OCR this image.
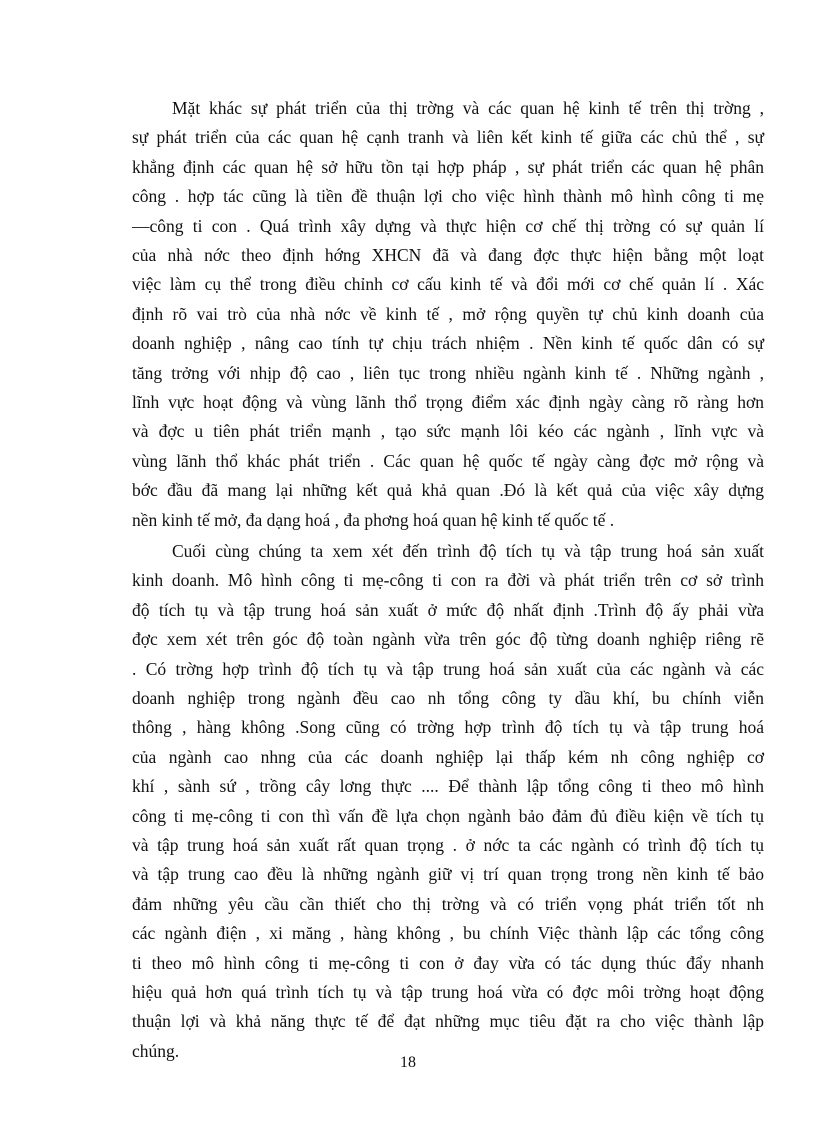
Mặt khác sự phát triển của thị trờng và các quan hệ kinh tế trên thị trờng ,
sự phát triển của các quan hệ cạnh tranh và liên kết kinh tế giữa các chủ thể , sự
khẳng định các quan hệ sở hữu tồn tại hợp pháp , sự phát triển các quan hệ phân
công . hợp tác cũng là tiền đề thuận lợi cho việc hình thành mô hình công ti mẹ
—công ti con . Quá trình xây dựng và thực hiện cơ chế thị trờng có sự quản lí
của nhà nớc theo định hớng XHCN đã và đang đợc thực hiện bằng một loạt
việc làm cụ thể trong điều chỉnh cơ cấu kinh tế và đổi mới cơ chế quản lí . Xác
định rõ vai trò của nhà nớc về kinh tế , mở rộng quyền tự chủ kinh doanh của
doanh nghiệp , nâng cao tính tự chịu trách nhiệm . Nền kinh tế quốc dân có sự
tăng trởng với nhịp độ cao , liên tục trong nhiều ngành kinh tế . Những ngành ,
lĩnh vực hoạt động và vùng lãnh thổ trọng điểm xác định ngày càng rõ ràng hơn
và đợc u tiên phát triển mạnh , tạo sức mạnh lôi kéo các ngành , lĩnh vực và
vùng lãnh thổ khác phát triển . Các quan hệ quốc tế ngày càng đợc mở rộng và
bớc đầu đã mang lại những kết quả khả quan .Đó là kết quả của việc xây dựng
nền kinh tế mở, đa dạng hoá , đa phơng hoá quan hệ kinh tế quốc tế .
Cuối cùng chúng ta xem xét đến trình độ tích tụ và tập trung hoá sản xuất
kinh doanh. Mô hình công ti mẹ-công ti con ra đời và phát triển trên cơ sở trình
độ tích tụ và tập trung hoá sản xuất ở mức độ nhất định .Trình độ ấy phải vừa
đợc xem xét trên góc độ toàn ngành vừa trên góc độ từng doanh nghiệp riêng rẽ
. Có trờng hợp trình độ tích tụ và tập trung hoá sản xuất của các ngành và các
doanh nghiệp trong ngành đều cao nh tổng công ty dầu khí, bu chính viễn
thông , hàng không .Song cũng có trờng hợp trình độ tích tụ và tập trung hoá
của ngành cao nhng của các doanh nghiệp lại thấp kém nh công nghiệp cơ
khí , sành sứ , trồng cây lơng thực .... Để thành lập tổng công ti theo mô hình
công ti mẹ-công ti con thì vấn đề lựa chọn ngành bảo đảm đủ điều kiện về tích tụ
và tập trung hoá sản xuất rất quan trọng . ở nớc ta các ngành có trình độ tích tụ
và tập trung cao đều là những ngành giữ vị trí quan trọng trong nền kinh tế bảo
đảm những yêu cầu cần thiết cho thị trờng và có triển vọng phát triển tốt nh
các ngành điện , xi măng , hàng không , bu chính Việc thành lập các tổng công
ti theo mô hình công ti mẹ-công ti con ở đay vừa có tác dụng thúc đẩy nhanh
hiệu quả hơn quá trình tích tụ và tập trung hoá vừa có đợc môi trờng hoạt động
thuận lợi và khả năng thực tế để đạt những mục tiêu đặt ra cho việc thành lập
chúng.
18
